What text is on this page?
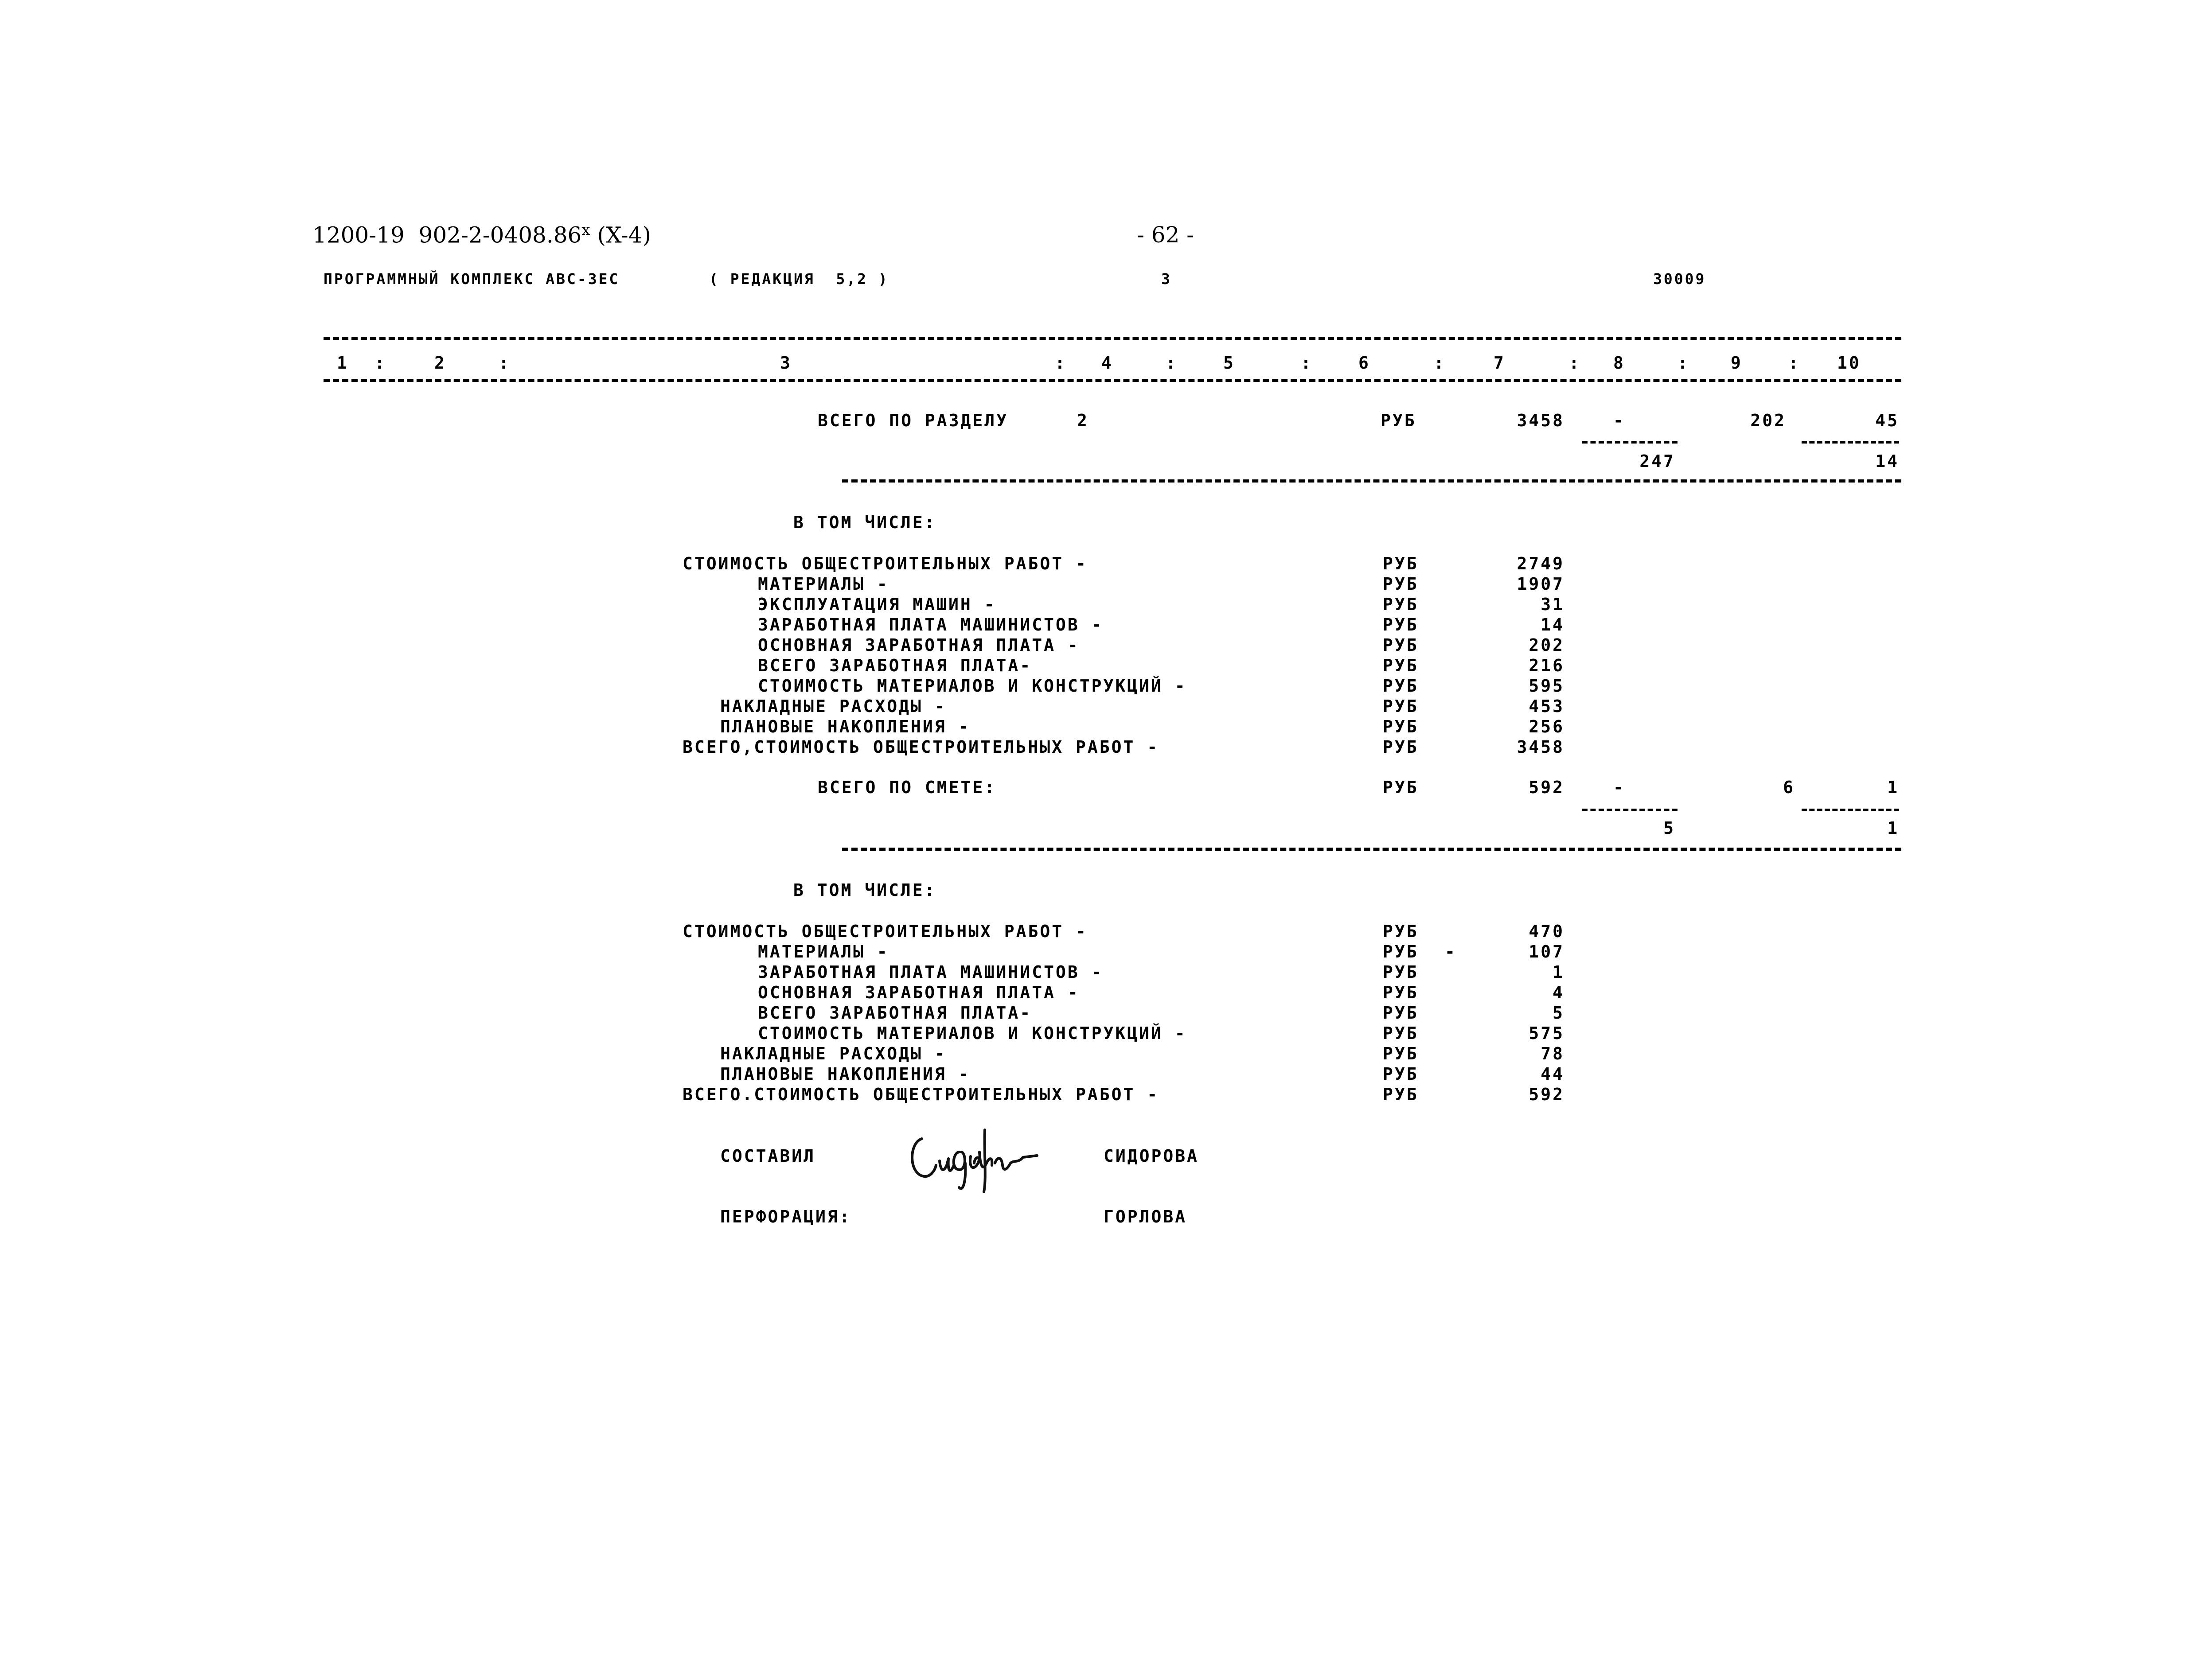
1200-19  902-2-0408.86$^x$ (X-4)	- 62 -
ПРОГРАММНЫЙ КОМПЛЕКС АВС-ЗЕС	( РЕДАКЦИЯ  5,2 )	3	30009
1 :	2	:	3	: 4	:	5	:	6	:	7	: 8	: 9	: 10
ВСЕГО ПО РАЗДЕЛУ	2	РУБ	3458	-	202	45
247	14
В ТОМ ЧИСЛЕ:
СТОИМОСТЬ ОБЩЕСТРОИТЕЛЬНЫХ РАБОТ -	РУБ	2749
МАТЕРИАЛЫ -	РУБ	1907
ЭКСПЛУАТАЦИЯ МАШИН -	РУБ	31
ЗАРАБОТНАЯ ПЛАТА МАШИНИСТОВ -	РУБ	14
ОСНОВНАЯ ЗАРАБОТНАЯ ПЛАТА -	РУБ	202
ВСЕГО ЗАРАБОТНАЯ ПЛАТА-	РУБ	216
СТОИМОСТЬ МАТЕРИАЛОВ И КОНСТРУКЦИЙ -	РУБ	595
НАКЛАДНЫЕ РАСХОДЫ -	РУБ	453
ПЛАНОВЫЕ НАКОПЛЕНИЯ -	РУБ	256
ВСЕГО,СТОИМОСТЬ ОБЩЕСТРОИТЕЛЬНЫХ РАБОТ -	РУБ	3458
ВСЕГО ПО СМЕТЕ:	РУБ	592	-	6	1
5	1
В ТОМ ЧИСЛЕ:
СТОИМОСТЬ ОБЩЕСТРОИТЕЛЬНЫХ РАБОТ -	РУБ	470
МАТЕРИАЛЫ -	РУБ -	107
ЗАРАБОТНАЯ ПЛАТА МАШИНИСТОВ -	РУБ	1
ОСНОВНАЯ ЗАРАБОТНАЯ ПЛАТА -	РУБ	4
ВСЕГО ЗАРАБОТНАЯ ПЛАТА-	РУБ	5
СТОИМОСТЬ МАТЕРИАЛОВ И КОНСТРУКЦИЙ -	РУБ	575
НАКЛАДНЫЕ РАСХОДЫ -	РУБ	78
ПЛАНОВЫЕ НАКОПЛЕНИЯ -	РУБ	44
ВСЕГО.СТОИМОСТЬ ОБЩЕСТРОИТЕЛЬНЫХ РАБОТ -	РУБ	592
СОСТАВИЛ	СИДОРОВА
ПЕРФОРАЦИЯ:	ГОРЛОВА
